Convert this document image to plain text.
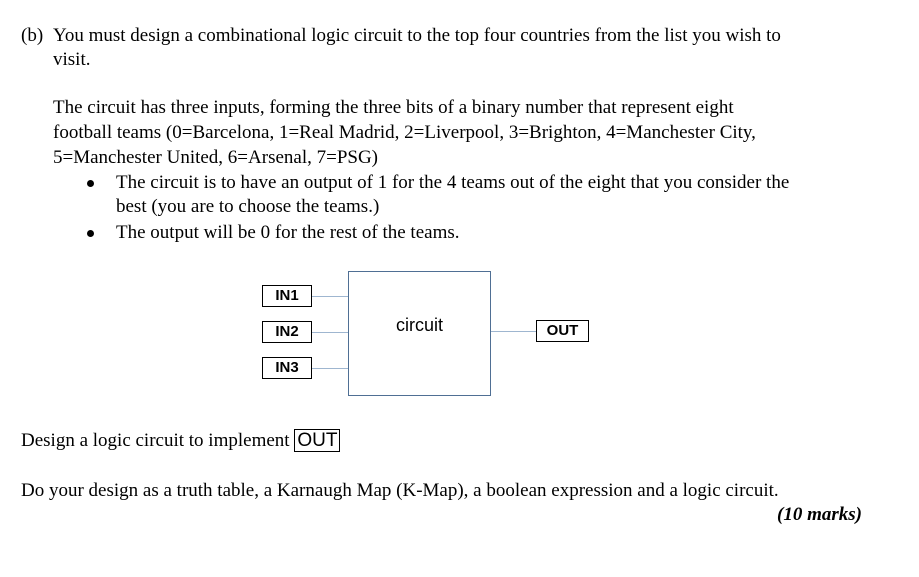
(b) You must design a combinational logic circuit to the top four countries from the list you wish to
visit.
The circuit has three inputs, forming the three bits of a binary number that represent eight
football teams (0=Barcelona, 1=Real Madrid, 2=Liverpool, 3=Brighton, 4=Manchester City,
5=Manchester United, 6=Arsenal, 7=PSG)
The circuit is to have an output of 1 for the 4 teams out of the eight that you consider the
best (you are to choose the teams.)
The output will be 0 for the rest of the teams.
IN1
IN2
IN3
circuit	OUT
Design a logic circuit to implement OUT
Do your design as a truth table, a Karnaugh Map (K-Map), a boolean expression and a logic circuit.
(10 marks)
